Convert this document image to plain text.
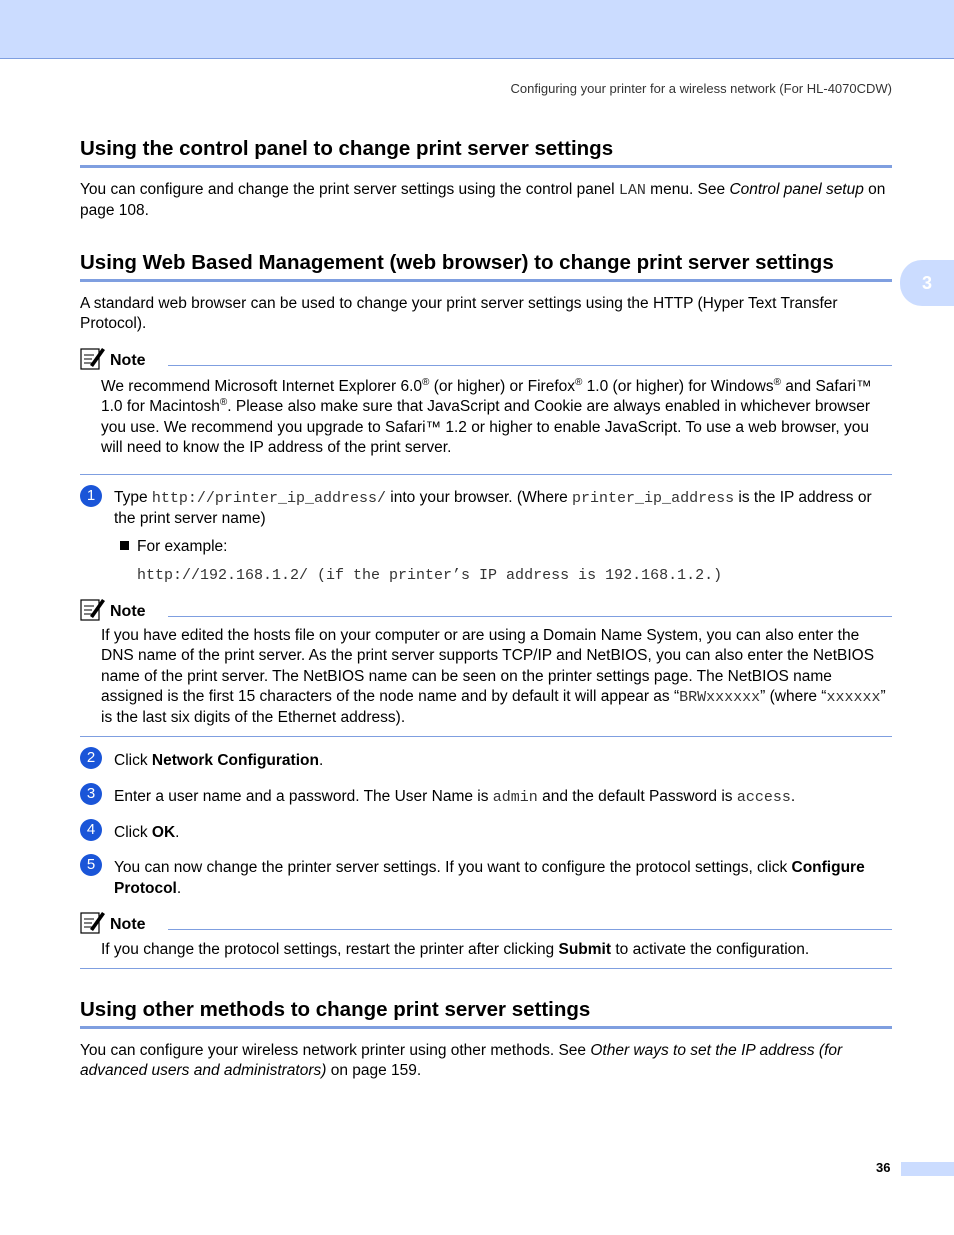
Configuring your printer for a wireless network (For HL-4070CDW)
3
Using the control panel to change print server settings
You can configure and change the print server settings using the control panel LAN menu. See Control panel setup on page 108.
Using Web Based Management (web browser) to change print server settings
A standard web browser can be used to change your print server settings using the HTTP (Hyper Text Transfer Protocol).
Note
We recommend Microsoft Internet Explorer 6.0® (or higher) or Firefox® 1.0 (or higher) for Windows® and Safari™ 1.0 for Macintosh®. Please also make sure that JavaScript and Cookie are always enabled in whichever browser you use. We recommend you upgrade to Safari™ 1.2 or higher to enable JavaScript. To use a web browser, you will need to know the IP address of the print server.
1	Type http://printer_ip_address/ into your browser. (Where printer_ip_address is the IP address or the print server name)
For example:
http://192.168.1.2/ (if the printer’s IP address is 192.168.1.2.)
Note
If you have edited the hosts file on your computer or are using a Domain Name System, you can also enter the DNS name of the print server. As the print server supports TCP/IP and NetBIOS, you can also enter the NetBIOS name of the print server. The NetBIOS name can be seen on the printer settings page. The NetBIOS name assigned is the first 15 characters of the node name and by default it will appear as “BRWxxxxxx” (where “xxxxxx” is the last six digits of the Ethernet address).
2	Click Network Configuration.
3	Enter a user name and a password. The User Name is admin and the default Password is access.
4	Click OK.
5	You can now change the printer server settings. If you want to configure the protocol settings, click Configure Protocol.
Note
If you change the protocol settings, restart the printer after clicking Submit to activate the configuration.
Using other methods to change print server settings
You can configure your wireless network printer using other methods. See Other ways to set the IP address (for advanced users and administrators) on page 159.
36
